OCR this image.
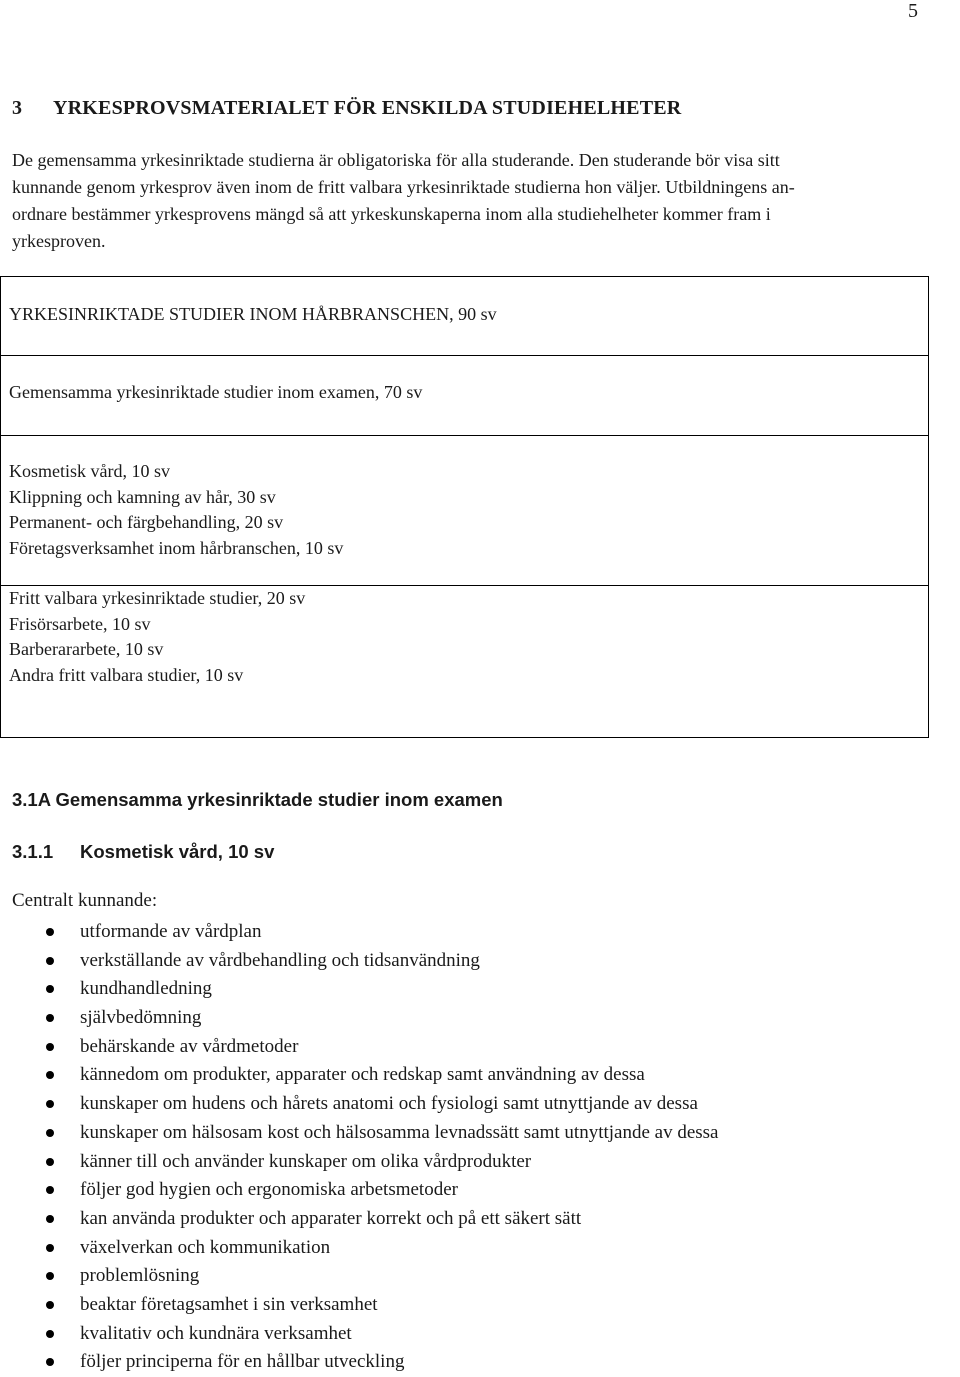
5
3 YRKESPROVSMATERIALET FÖR ENSKILDA STUDIEHELHETER

De gemensamma yrkesinriktade studierna är obligatoriska för alla studerande. Den studerande bör visa sitt

kunnande genom yrkesprov även inom de fritt valbara yrkesinriktade studierna hon väljer. Utbildningens an-

ordnare bestämmer yrkesprovens mängd så att yrkeskunskaperna inom alla studiehelheter kommer fram i

yrkesproven.

YRKESINRIKTADE STUDIER INOM HÅRBRANSCHEN, 90 sv
Gemensamma yrkesinriktade studier inom examen, 70 sv
Kosmetisk vård, 10 sv
Klippning och kamning av hår, 30 sv
Permanent- och färgbehandling, 20 sv
Företagsverksamhet inom hårbranschen, 10 sv
Fritt valbara yrkesinriktade studier, 20 sv
Frisörsarbete, 10 sv
Barberararbete, 10 sv
Andra fritt valbara studier, 10 sv
3.1A Gemensamma yrkesinriktade studier inom examen
3.1.1 Kosmetisk vård, 10 sv
Centralt kunnande:
utformande av vårdplan
verkställande av vårdbehandling och tidsanvändning
kundhandledning
självbedömning
behärskande av vårdmetoder
kännedom om produkter, apparater och redskap samt användning av dessa
kunskaper om hudens och hårets anatomi och fysiologi samt utnyttjande av dessa
kunskaper om hälsosam kost och hälsosamma levnadssätt samt utnyttjande av dessa
känner till och använder kunskaper om olika vårdprodukter
följer god hygien och ergonomiska arbetsmetoder
kan använda produkter och apparater korrekt och på ett säkert sätt
växelverkan och kommunikation
problemlösning
beaktar företagsamhet i sin verksamhet
kvalitativ och kundnära verksamhet
följer principerna för en hållbar utveckling
